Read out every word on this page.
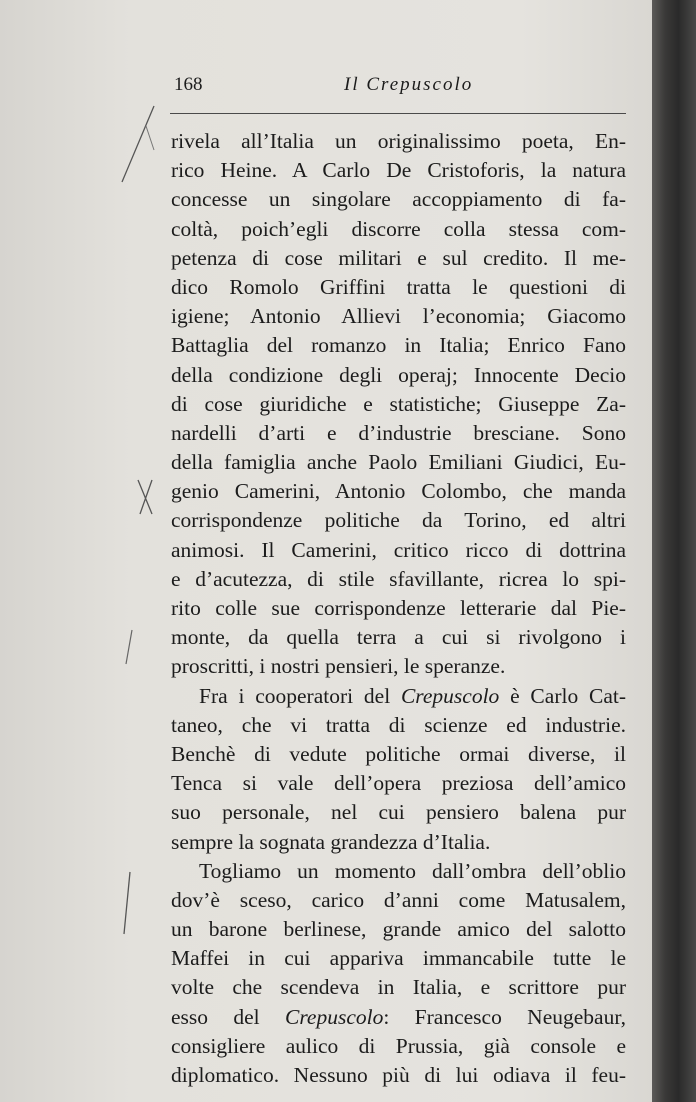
168	Il Crepuscolo
rivela all’Italia un originalissimo poeta, En-
rico Heine. A Carlo De Cristoforis, la natura
concesse un singolare accoppiamento di fa-
coltà, poich’egli discorre colla stessa com-
petenza di cose militari e sul credito. Il me-
dico Romolo Griffini tratta le questioni di
igiene; Antonio Allievi l’economia; Giacomo
Battaglia del romanzo in Italia; Enrico Fano
della condizione degli operaj; Innocente Decio
di cose giuridiche e statistiche; Giuseppe Za-
nardelli d’arti e d’industrie bresciane. Sono
della famiglia anche Paolo Emiliani Giudici, Eu-
genio Camerini, Antonio Colombo, che manda
corrispondenze politiche da Torino, ed altri
animosi. Il Camerini, critico ricco di dottrina
e d’acutezza, di stile sfavillante, ricrea lo spi-
rito colle sue corrispondenze letterarie dal Pie-
monte, da quella terra a cui si rivolgono i
proscritti, i nostri pensieri, le speranze.
Fra i cooperatori del Crepuscolo è Carlo Cat-
taneo, che vi tratta di scienze ed industrie.
Benchè di vedute politiche ormai diverse, il
Tenca si vale dell’opera preziosa dell’amico
suo personale, nel cui pensiero balena pur
sempre la sognata grandezza d’Italia.
Togliamo un momento dall’ombra dell’oblio
dov’è sceso, carico d’anni come Matusalem,
un barone berlinese, grande amico del salotto
Maffei in cui appariva immancabile tutte le
volte che scendeva in Italia, e scrittore pur
esso del Crepuscolo: Francesco Neugebaur,
consigliere aulico di Prussia, già console e
diplomatico. Nessuno più di lui odiava il feu-
